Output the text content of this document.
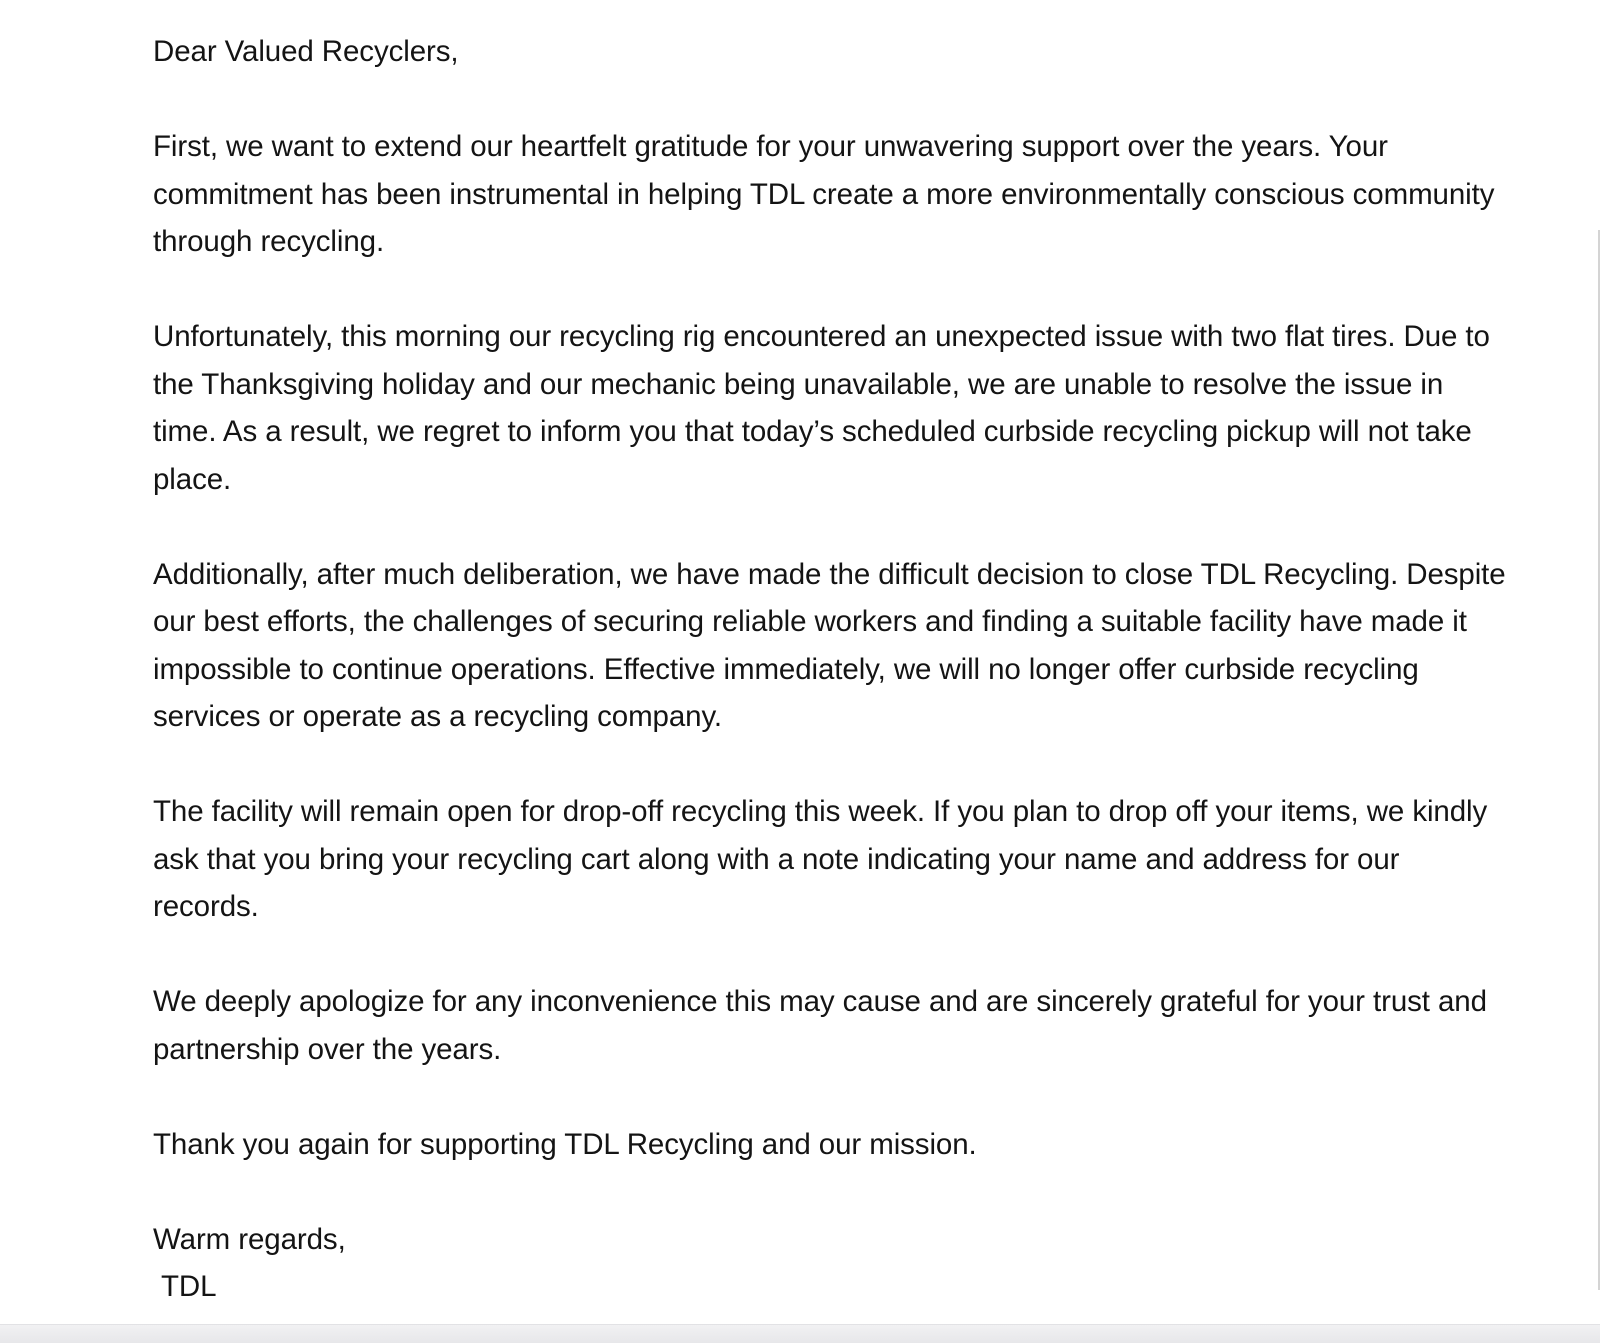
Dear Valued Recyclers,

First, we want to extend our heartfelt gratitude for your unwavering support over the years. Your commitment has been instrumental in helping TDL create a more environmentally conscious community through recycling.

Unfortunately, this morning our recycling rig encountered an unexpected issue with two flat tires. Due to the Thanksgiving holiday and our mechanic being unavailable, we are unable to resolve the issue in time. As a result, we regret to inform you that today’s scheduled curbside recycling pickup will not take place.

Additionally, after much deliberation, we have made the difficult decision to close TDL Recycling. Despite our best efforts, the challenges of securing reliable workers and finding a suitable facility have made it impossible to continue operations. Effective immediately, we will no longer offer curbside recycling services or operate as a recycling company.

The facility will remain open for drop-off recycling this week. If you plan to drop off your items, we kindly ask that you bring your recycling cart along with a note indicating your name and address for our records.

We deeply apologize for any inconvenience this may cause and are sincerely grateful for your trust and partnership over the years.

Thank you again for supporting TDL Recycling and our mission.

Warm regards,
TDL
